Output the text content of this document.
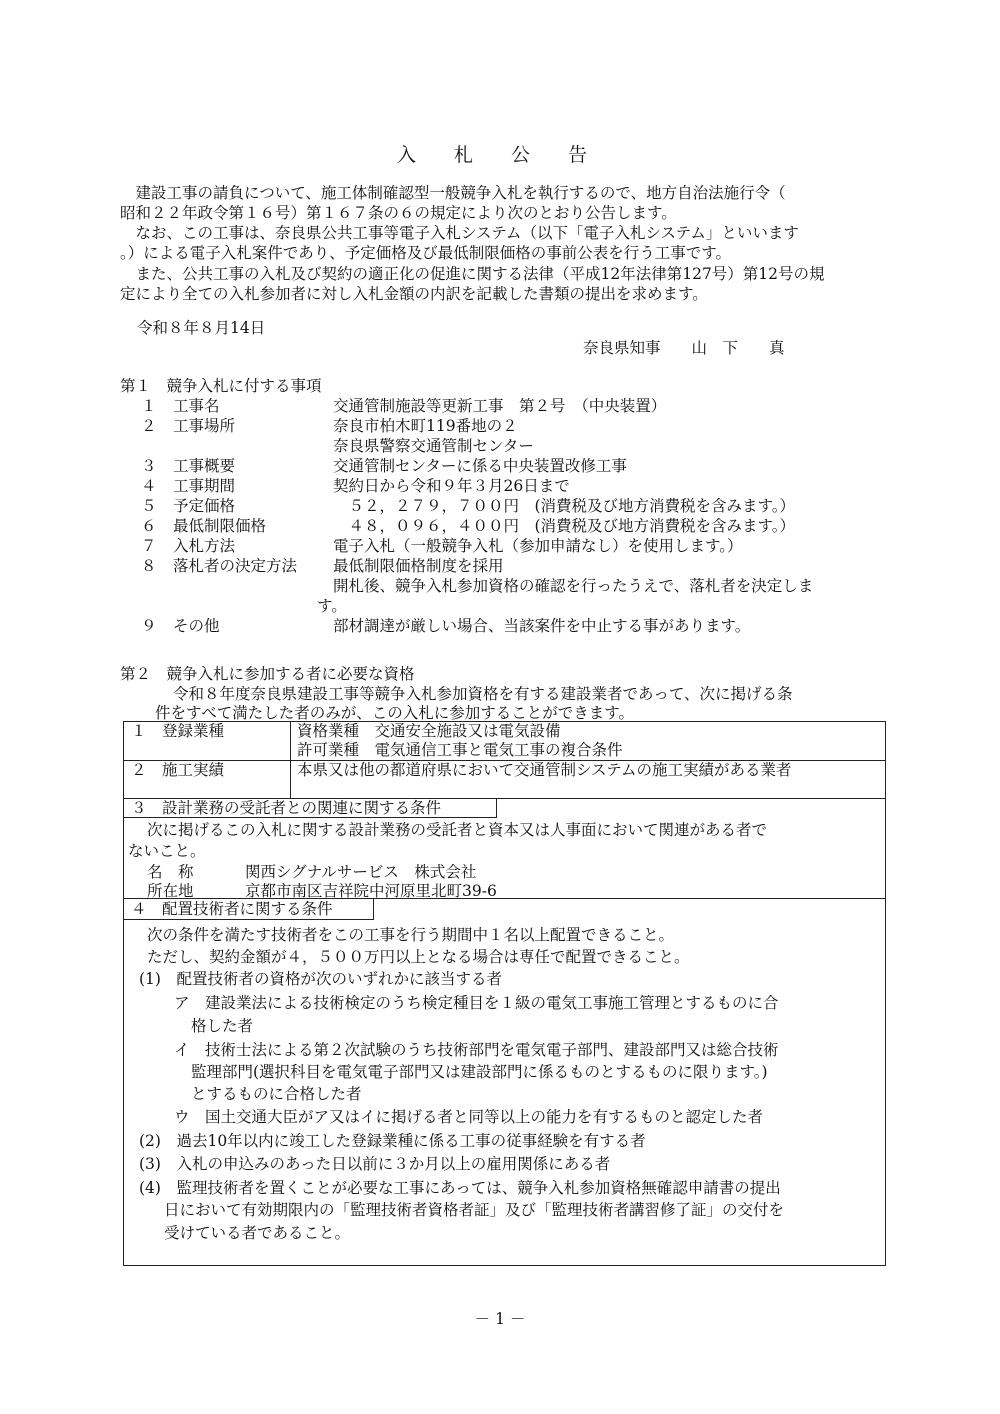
入 札 公 告
　建設工事の請負について、施工体制確認型一般競争入札を執行するので、地方自治法施行令（
昭和２２年政令第１６号）第１６７条の６の規定により次のとおり公告します。
　なお、この工事は、奈良県公共工事等電子入札システム（以下「電子入札システム」といいます
。）による電子入札案件であり、予定価格及び最低制限価格の事前公表を行う工事です。
　また、公共工事の入札及び契約の適正化の促進に関する法律（平成12年法律第127号）第12号の規
定により全ての入札参加者に対し入札金額の内訳を記載した書類の提出を求めます。
令和８年８月14日
奈良県知事　　山　下　　真
第１　競争入札に付する事項
１ 工事名	交通管制施設等更新工事　第２号　（中央装置）
２ 工事場所	奈良市柏木町119番地の２
奈良県警察交通管制センター
３ 工事概要	交通管制センターに係る中央装置改修工事
４ 工事期間	契約日から令和９年３月26日まで
５ 予定価格	　５２，２７９，７００円　(消費税及び地方消費税を含みます。）
６ 最低制限価格	　４８，０９６，４００円　(消費税及び地方消費税を含みます。）
７ 入札方法	電子入札（一般競争入札（参加申請なし）を使用します。）
８ 落札者の決定方法 最低制限価格制度を採用
開札後、競争入札参加資格の確認を行ったうえで、落札者を決定しま
す。
９ その他	部材調達が厳しい場合、当該案件を中止する事があります。
第２　競争入札に参加する者に必要な資格
令和８年度奈良県建設工事等競争入札参加資格を有する建設業者であって、次に掲げる条
件をすべて満たした者のみが、この入札に参加することができます。
１　登録業種	資格業種　交通安全施設又は電気設備
許可業種　電気通信工事と電気工事の複合条件
２　施工実績	本県又は他の都道府県において交通管制システムの施工実績がある業者
３　設計業務の受託者との関連に関する条件
次に掲げるこの入札に関する設計業務の受託者と資本又は人事面において関連がある者で
ないこと。
名　称	関西シグナルサービス　株式会社
所在地	京都市南区吉祥院中河原里北町39-6
４　配置技術者に関する条件
次の条件を満たす技術者をこの工事を行う期間中１名以上配置できること。
ただし、契約金額が４，５００万円以上となる場合は専任で配置できること。
(1)　配置技術者の資格が次のいずれかに該当する者
ア　建設業法による技術検定のうち検定種目を１級の電気工事施工管理とするものに合
格した者
イ　技術士法による第２次試験のうち技術部門を電気電子部門、建設部門又は総合技術
監理部門(選択科目を電気電子部門又は建設部門に係るものとするものに限ります。)
とするものに合格した者
ウ　国土交通大臣がア又はイに掲げる者と同等以上の能力を有するものと認定した者
(2)　過去10年以内に竣工した登録業種に係る工事の従事経験を有する者
(3)　入札の申込みのあった日以前に３か月以上の雇用関係にある者
(4)　監理技術者を置くことが必要な工事にあっては、競争入札参加資格無確認申請書の提出
日において有効期限内の「監理技術者資格者証」及び「監理技術者講習修了証」の交付を
受けている者であること。
－ 1 －
